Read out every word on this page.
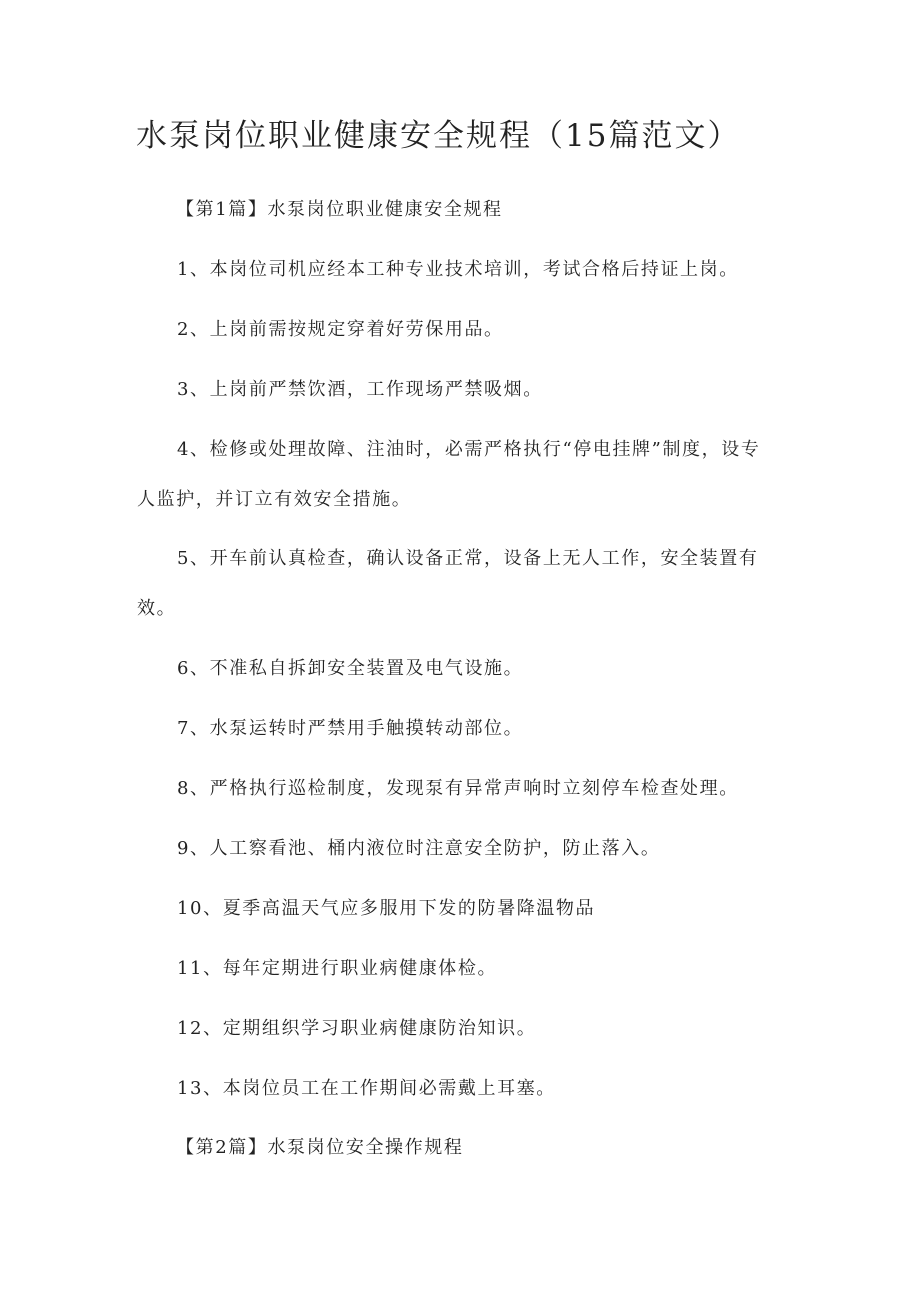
水泵岗位职业健康安全规程（15篇范文）
【第1篇】水泵岗位职业健康安全规程
1、本岗位司机应经本工种专业技术培训，考试合格后持证上岗。
2、上岗前需按规定穿着好劳保用品。
3、上岗前严禁饮酒，工作现场严禁吸烟。
4、检修或处理故障、注油时，必需严格执行“停电挂牌”制度，设专
人监护，并订立有效安全措施。
5、开车前认真检查，确认设备正常，设备上无人工作，安全装置有
效。
6、不准私自拆卸安全装置及电气设施。
7、水泵运转时严禁用手触摸转动部位。
8、严格执行巡检制度，发现泵有异常声响时立刻停车检查处理。
9、人工察看池、桶内液位时注意安全防护，防止落入。
10、夏季高温天气应多服用下发的防暑降温物品
11、每年定期进行职业病健康体检。
12、定期组织学习职业病健康防治知识。
13、本岗位员工在工作期间必需戴上耳塞。
【第2篇】水泵岗位安全操作规程
